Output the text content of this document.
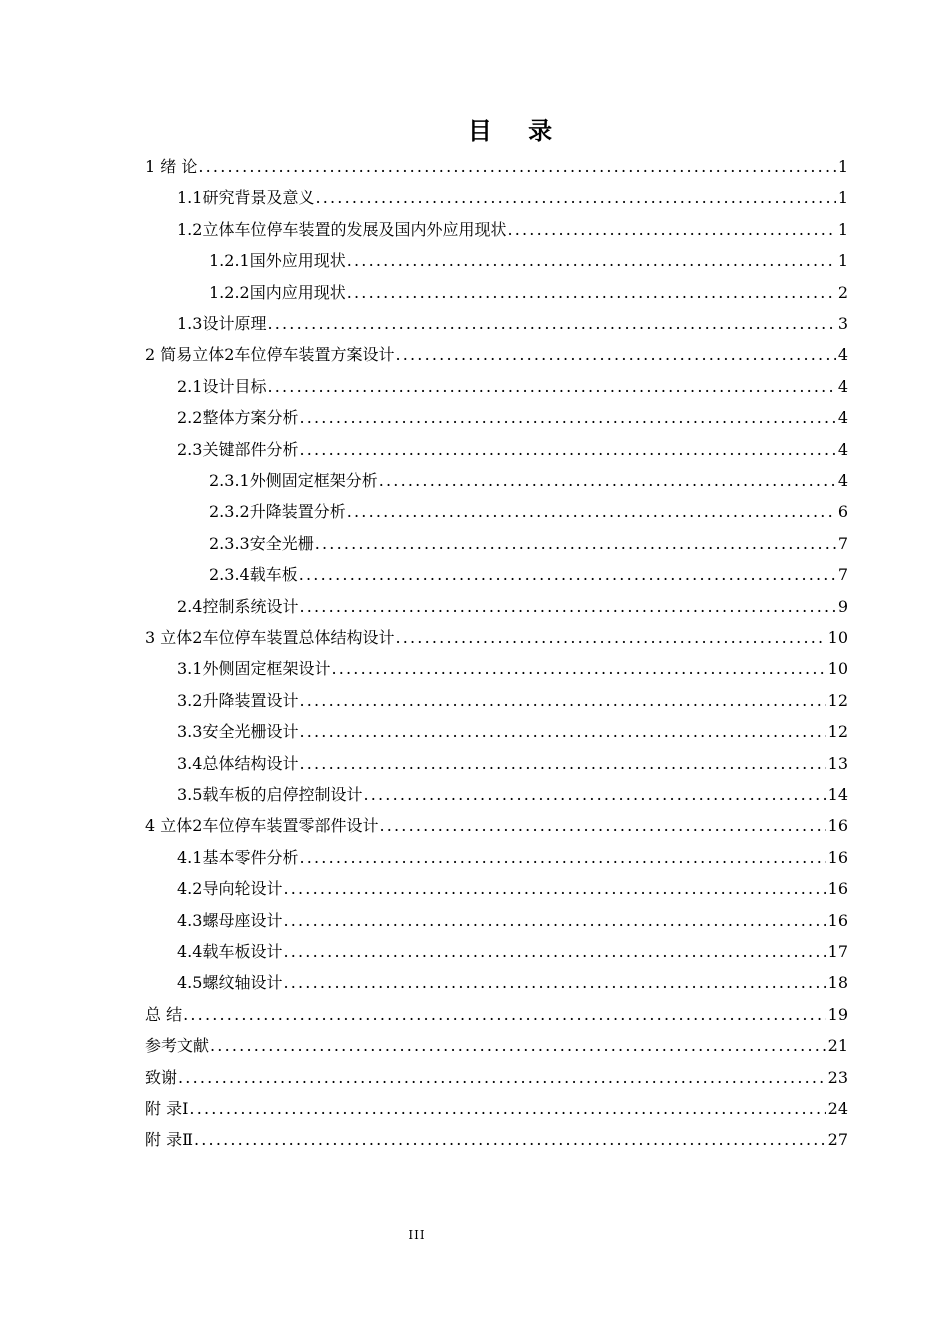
目 录
1 绪 论 .....	1
1.1研究背景及意义 .....	1
1.2立体车位停车装置的发展及国内外应用现状 .....	1
1.2.1国外应用现状 .....	1
1.2.2国内应用现状 .....	2
1.3设计原理 .....	3
2 简易立体2车位停车装置方案设计 .....	4
2.1设计目标 .....	4
2.2整体方案分析 .....	4
2.3关键部件分析 .....	4
2.3.1外侧固定框架分析 .....	4
2.3.2升降装置分析 .....	6
2.3.3安全光栅 .....	7
2.3.4载车板 .....	7
2.4控制系统设计 .....	9
3 立体2车位停车装置总体结构设计 .....	10
3.1外侧固定框架设计 .....	10
3.2升降装置设计 .....	12
3.3安全光栅设计 .....	12
3.4总体结构设计 .....	13
3.5载车板的启停控制设计 .....	14
4 立体2车位停车装置零部件设计 .....	16
4.1基本零件分析 .....	16
4.2导向轮设计 .....	16
4.3螺母座设计 .....	16
4.4载车板设计 .....	17
4.5螺纹轴设计 .....	18
总 结 .....	19
参考文献 .....	21
致谢 .....	23
附 录Ⅰ .....	24
附 录Ⅱ .....	27
III
